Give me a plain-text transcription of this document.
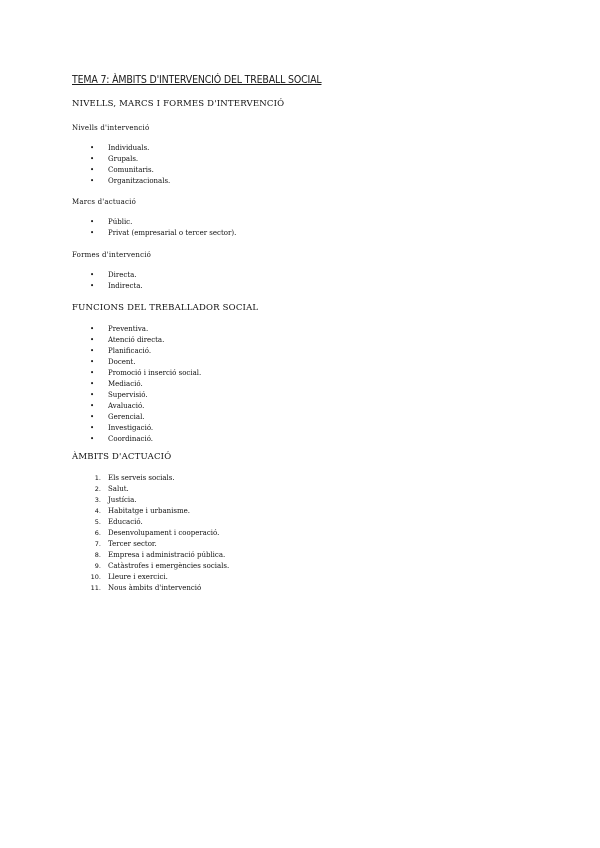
TEMA 7: ÀMBITS D'INTERVENCIÓ DEL TREBALL SOCIAL
NIVELLS, MARCS I FORMES D'INTERVENCIÓ
Nivells d'intervenció
• Individuals.
• Grupals.
• Comunitaris.
• Organitzacionals.
Marcs d'actuació
• Públic.
• Privat (empresarial o tercer sector).
Formes d'intervenció
• Directa.
• Indirecta.
FUNCIONS DEL TREBALLADOR SOCIAL
• Preventiva.
• Atenció directa.
• Planificació.
• Docent.
• Promoció i inserció social.
• Mediació.
• Supervisió.
• Avaluació.
• Gerencial.
• Investigació.
• Coordinació.
ÀMBITS D'ACTUACIÓ
1. Els serveis socials.
2. Salut.
3. Justícia.
4. Habitatge i urbanisme.
5. Educació.
6. Desenvolupament i cooperació.
7. Tercer sector.
8. Empresa i administració pública.
9. Catàstrofes i emergències socials.
10. Lleure i exercici.
11. Nous àmbits d'intervenció
